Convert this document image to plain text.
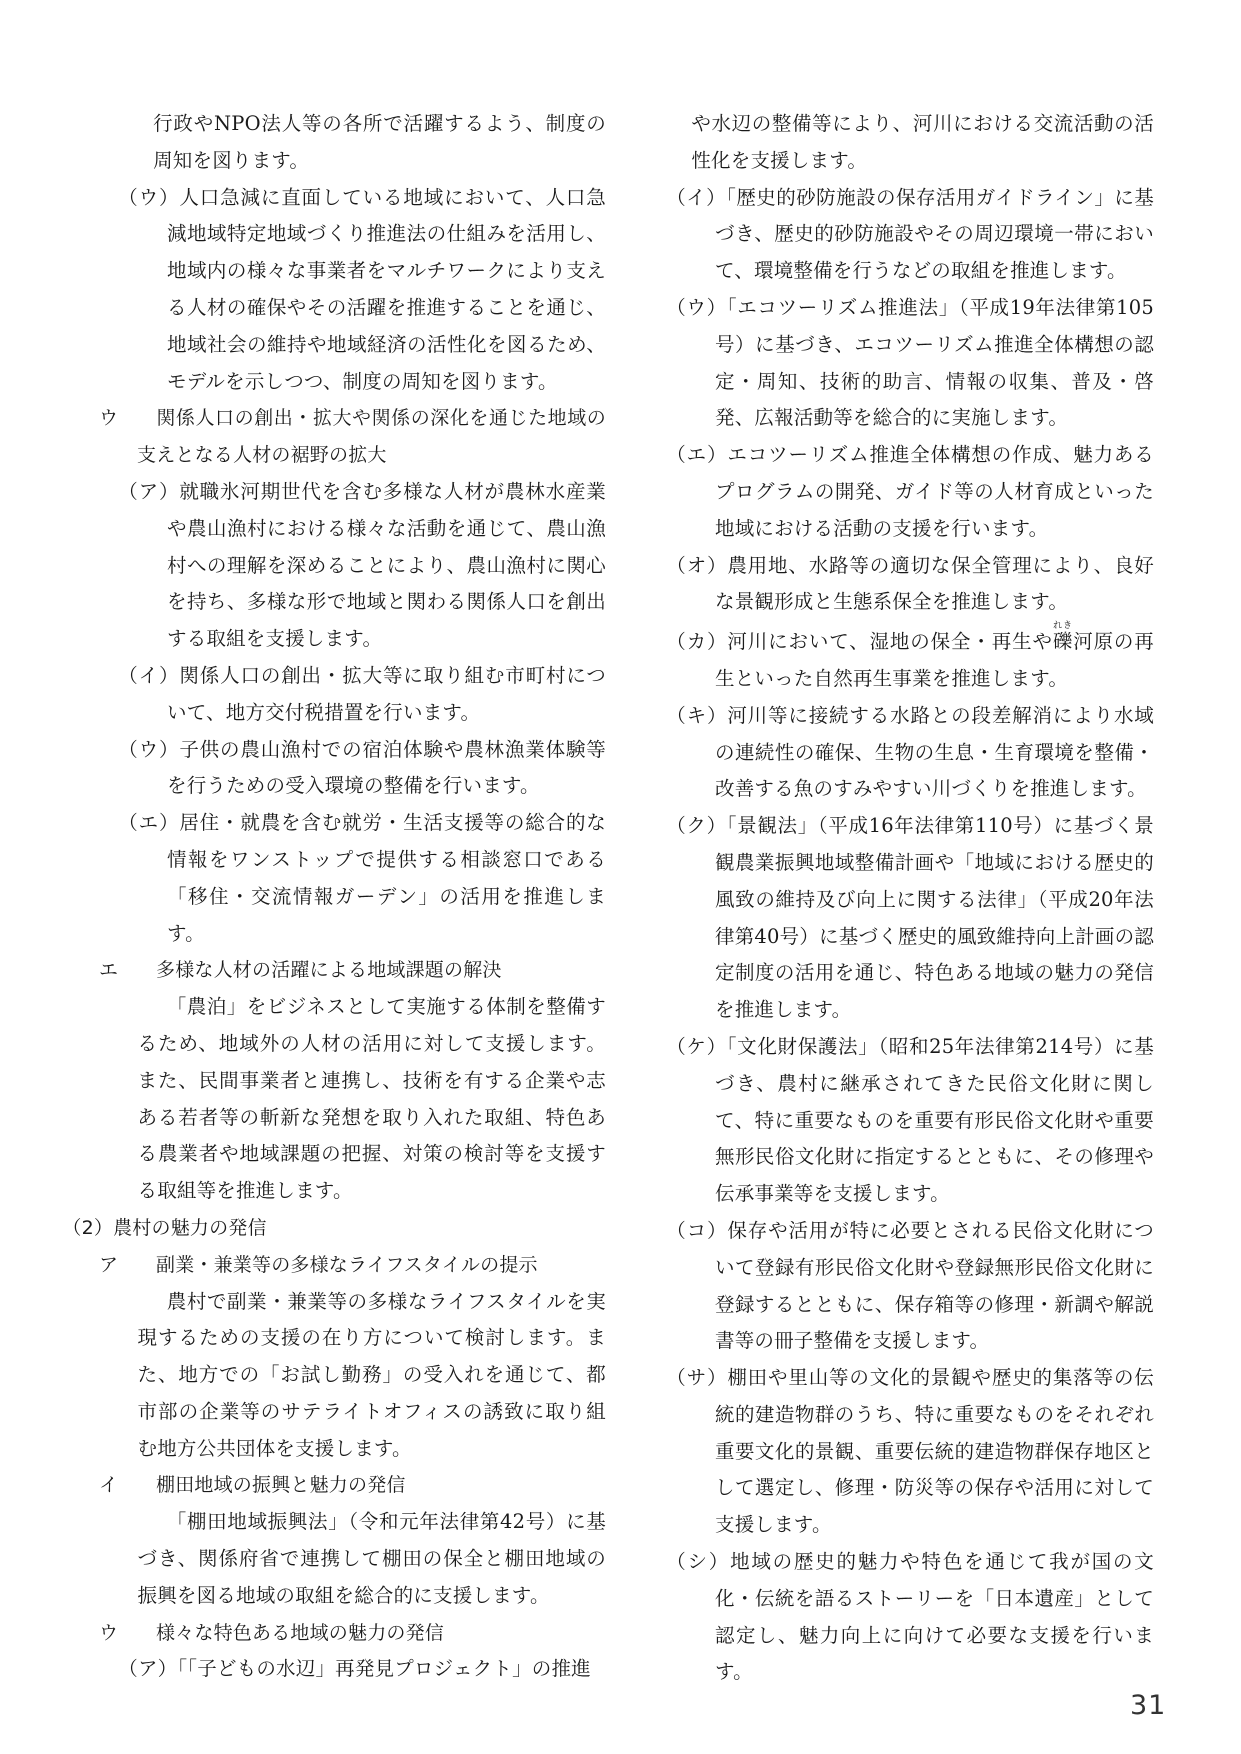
行政やNPO法人等の各所で活躍するよう、制度の周知を図ります。
（ウ）人口急減に直面している地域において、人口急減地域特定地域づくり推進法の仕組みを活用し、地域内の様々な事業者をマルチワークにより支える人材の確保やその活躍を推進することを通じ、地域社会の維持や地域経済の活性化を図るため、モデルを示しつつ、制度の周知を図ります。
ウ 関係人口の創出・拡大や関係の深化を通じた地域の支えとなる人材の裾野の拡大
（ア）就職氷河期世代を含む多様な人材が農林水産業や農山漁村における様々な活動を通じて、農山漁村への理解を深めることにより、農山漁村に関心を持ち、多様な形で地域と関わる関係人口を創出する取組を支援します。
（イ）関係人口の創出・拡大等に取り組む市町村について、地方交付税措置を行います。
（ウ）子供の農山漁村での宿泊体験や農林漁業体験等を行うための受入環境の整備を行います。
（エ）居住・就農を含む就労・生活支援等の総合的な情報をワンストップで提供する相談窓口である「移住・交流情報ガーデン」の活用を推進します。
エ 多様な人材の活躍による地域課題の解決
「農泊」をビジネスとして実施する体制を整備するため、地域外の人材の活用に対して支援します。また、民間事業者と連携し、技術を有する企業や志ある若者等の斬新な発想を取り入れた取組、特色ある農業者や地域課題の把握、対策の検討等を支援する取組等を推進します。
（2）農村の魅力の発信
ア 副業・兼業等の多様なライフスタイルの提示
農村で副業・兼業等の多様なライフスタイルを実現するための支援の在り方について検討します。また、地方での「お試し勤務」の受入れを通じて、都市部の企業等のサテライトオフィスの誘致に取り組む地方公共団体を支援します。
イ 棚田地域の振興と魅力の発信
「棚田地域振興法」（令和元年法律第42号）に基づき、関係府省で連携して棚田の保全と棚田地域の振興を図る地域の取組を総合的に支援します。
ウ 様々な特色ある地域の魅力の発信
（ア）「「子どもの水辺」再発見プロジェクト」の推進
や水辺の整備等により、河川における交流活動の活性化を支援します。
（イ）「歴史的砂防施設の保存活用ガイドライン」に基づき、歴史的砂防施設やその周辺環境一帯において、環境整備を行うなどの取組を推進します。
（ウ）「エコツーリズム推進法」（平成19年法律第105号）に基づき、エコツーリズム推進全体構想の認定・周知、技術的助言、情報の収集、普及・啓発、広報活動等を総合的に実施します。
（エ）エコツーリズム推進全体構想の作成、魅力あるプログラムの開発、ガイド等の人材育成といった地域における活動の支援を行います。
（オ）農用地、水路等の適切な保全管理により、良好な景観形成と生態系保全を推進します。
（カ）河川において、湿地の保全・再生や礫れき河原の再生といった自然再生事業を推進します。
（キ）河川等に接続する水路との段差解消により水域の連続性の確保、生物の生息・生育環境を整備・改善する魚のすみやすい川づくりを推進します。
（ク）「景観法」（平成16年法律第110号）に基づく景観農業振興地域整備計画や「地域における歴史的風致の維持及び向上に関する法律」（平成20年法律第40号）に基づく歴史的風致維持向上計画の認定制度の活用を通じ、特色ある地域の魅力の発信を推進します。
（ケ）「文化財保護法」（昭和25年法律第214号）に基づき、農村に継承されてきた民俗文化財に関して、特に重要なものを重要有形民俗文化財や重要無形民俗文化財に指定するとともに、その修理や伝承事業等を支援します。
（コ）保存や活用が特に必要とされる民俗文化財について登録有形民俗文化財や登録無形民俗文化財に登録するとともに、保存箱等の修理・新調や解説書等の冊子整備を支援します。
（サ）棚田や里山等の文化的景観や歴史的集落等の伝統的建造物群のうち、特に重要なものをそれぞれ重要文化的景観、重要伝統的建造物群保存地区として選定し、修理・防災等の保存や活用に対して支援します。
（シ）地域の歴史的魅力や特色を通じて我が国の文化・伝統を語るストーリーを「日本遺産」として認定し、魅力向上に向けて必要な支援を行います。
31
